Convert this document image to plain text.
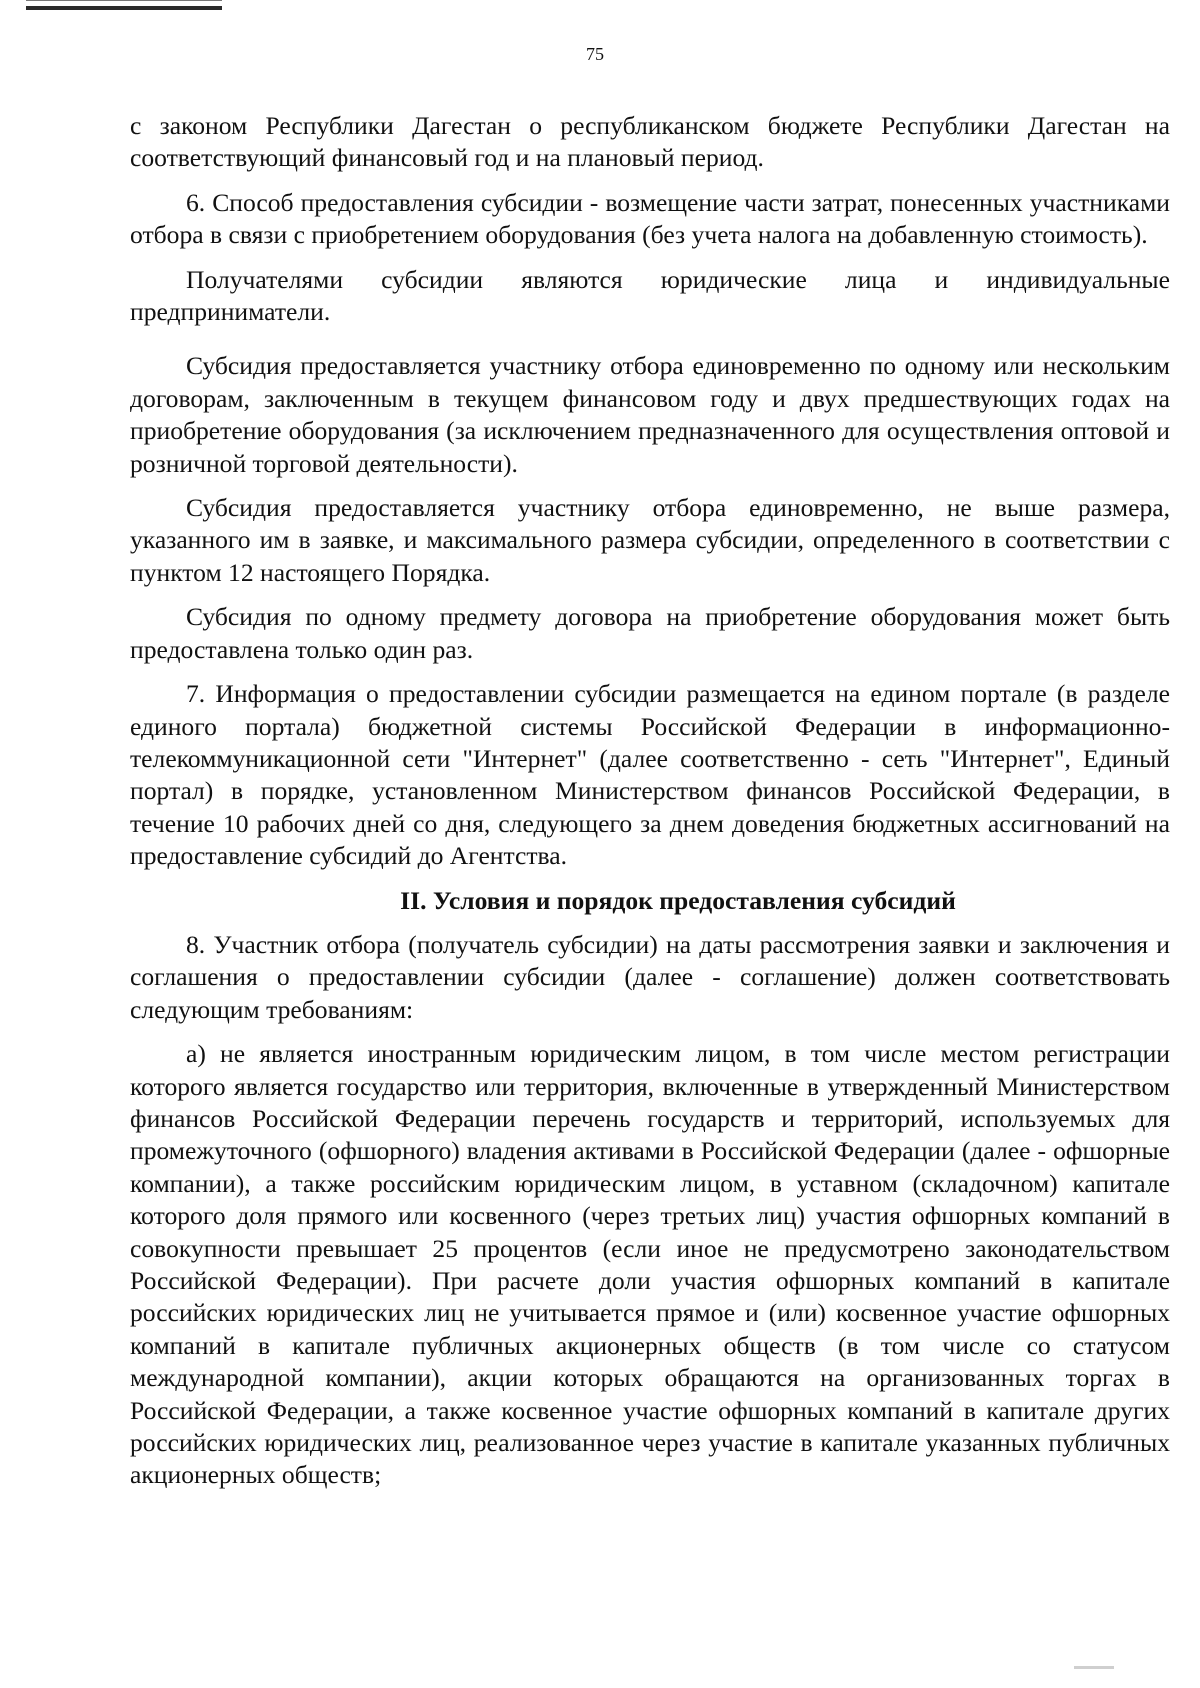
75

с законом Республики Дагестан о республиканском бюджете Республики Дагестан на соответствующий финансовый год и на плановый период.

6. Способ предоставления субсидии - возмещение части затрат, понесенных участниками отбора в связи с приобретением оборудования (без учета налога на добавленную стоимость).

Получателями субсидии являются юридические лица и индивидуальные предприниматели.

Субсидия предоставляется участнику отбора единовременно по одному или нескольким договорам, заключенным в текущем финансовом году и двух предшествующих годах на приобретение оборудования (за исключением предназначенного для осуществления оптовой и розничной торговой деятельности).

Субсидия предоставляется участнику отбора единовременно, не выше размера, указанного им в заявке, и максимального размера субсидии, определенного в соответствии с пунктом 12 настоящего Порядка.

Субсидия по одному предмету договора на приобретение оборудования может быть предоставлена только один раз.

7. Информация о предоставлении субсидии размещается на едином портале (в разделе единого портала) бюджетной системы Российской Федерации в информационно-телекоммуникационной сети "Интернет" (далее соответственно - сеть "Интернет", Единый портал) в порядке, установленном Министерством финансов Российской Федерации, в течение 10 рабочих дней со дня, следующего за днем доведения бюджетных ассигнований на предоставление субсидий до Агентства.

II. Условия и порядок предоставления субсидий

8. Участник отбора (получатель субсидии) на даты рассмотрения заявки и заключения и соглашения о предоставлении субсидии (далее - соглашение) должен соответствовать следующим требованиям:

а) не является иностранным юридическим лицом, в том числе местом регистрации которого является государство или территория, включенные в утвержденный Министерством финансов Российской Федерации перечень государств и территорий, используемых для промежуточного (офшорного) владения активами в Российской Федерации (далее - офшорные компании), а также российским юридическим лицом, в уставном (складочном) капитале которого доля прямого или косвенного (через третьих лиц) участия офшорных компаний в совокупности превышает 25 процентов (если иное не предусмотрено законодательством Российской Федерации). При расчете доли участия офшорных компаний в капитале российских юридических лиц не учитывается прямое и (или) косвенное участие офшорных компаний в капитале публичных акционерных обществ (в том числе со статусом международной компании), акции которых обращаются на организованных торгах в Российской Федерации, а также косвенное участие офшорных компаний в капитале других российских юридических лиц, реализованное через участие в капитале указанных публичных акционерных обществ;
